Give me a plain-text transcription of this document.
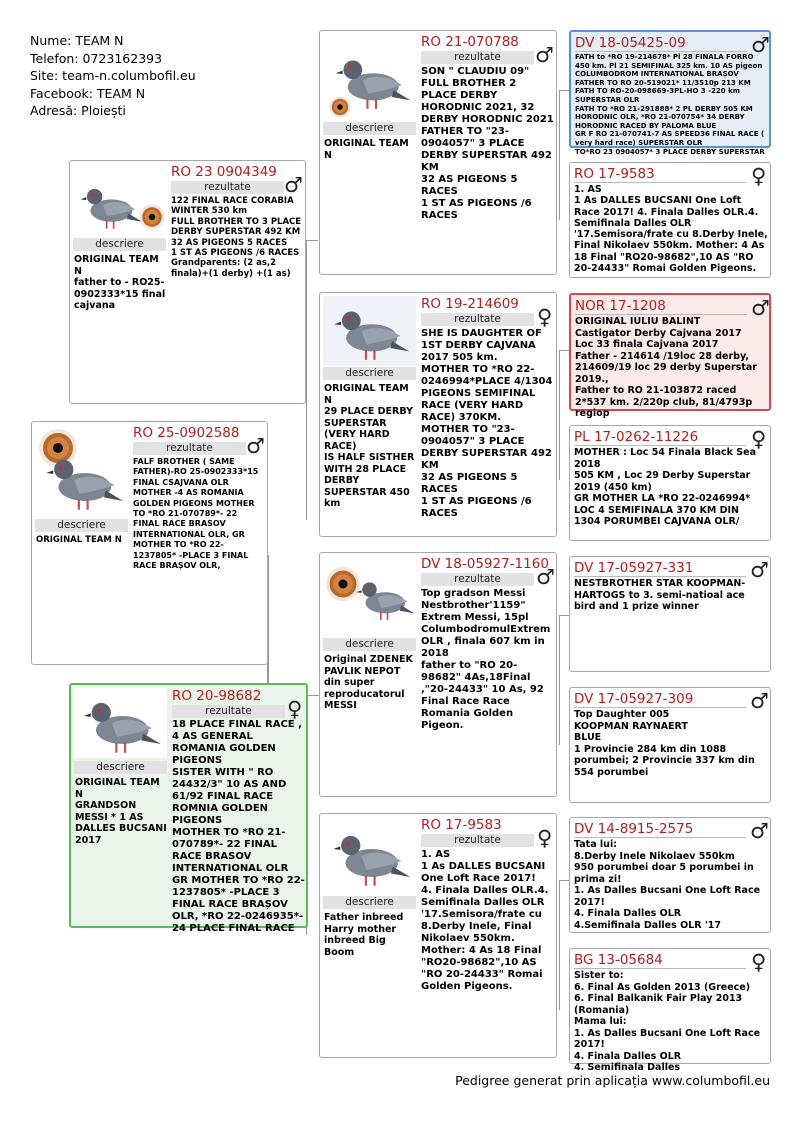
Nume: TEAM N
Telefon: 0723162393
Site: team-n.columbofil.eu
Facebook: TEAM N
Adresă: Ploiești
RO 20-98682
♀
rezultate
18 PLACE FINAL RACE , 4 AS GENERAL ROMANIA GOLDEN PIGEONS
SISTER WITH " RO 24432/3" 10 AS AND 61/92 FINAL RACE ROMNIA GOLDEN PIGEONS
MOTHER TO *RO 21-070789*- 22 FINAL RACE BRASOV INTERNATIONAL OLR GR MOTHER TO *RO 22-1237805* -PLACE 3 FINAL RACE BRAȘOV OLR, *RO 22-0246935*- 24 PLACE FINAL RACE
descriere
ORIGINAL TEAM N
GRANDSON MESSI * 1 AS DALLES BUCSANI 2017
RO 25-0902588
♂
rezultate
FALF BROTHER ( SAME FATHER)-RO 25-0902333*15 FINAL CSAJVANA OLR
MOTHER -4 AS ROMANIA GOLDEN PIGEONS MOTHER TO *RO 21-070789*- 22 FINAL RACE BRASOV INTERNATIONAL OLR, GR MOTHER TO *RO 22-1237805* -PLACE 3 FINAL RACE BRAȘOV OLR,
descriere
ORIGINAL TEAM N
RO 23 0904349
♂
rezultate
122 FINAL RACE CORABIA WINTER 530 km
FULL BROTHER TO 3 PLACE DERBY SUPERSTAR 492 KM
32 AS PIGEONS 5 RACES
1 ST AS PIGEONS /6 RACES
Grandparents: (2 as,2 finala)+(1 derby) +(1 as)
descriere
ORIGINAL TEAM N
father to - RO25-0902333*15 final cajvana
RO 21-070788
♂
rezultate
SON " CLAUDIU 09" FULL BROTHER 2 PLACE DERBY HORODNIC 2021, 32 DERBY HORODNIC 2021
FATHER TO "23-0904057" 3 PLACE DERBY SUPERSTAR 492 KM
32 AS PIGEONS 5 RACES
1 ST AS PIGEONS /6 RACES
descriere
ORIGINAL TEAM N
DV 18-05425-09	♂
FATH to *RO 19-214678* Pl 28 FINALA FORRO 450 km. Pl 21 SEMIFINAL 325 km. 10 AS pigeon COLUMBODROM INTERNATIONAL BRAȘOV
FATHER TO RO 20-519021* 11/3510p 213 KM
FATH TO RO-20-098669-3PL-HO 3 -220 km SUPERSTAR OLR
FATH TO *RO 21-291888* 2 PL DERBY 505 KM HORODNIC OLR, *RO 21-070754* 34 DERBY HORODNIC RACED BY PALOMA BLUE
GR F RO 21-070741-7 AS SPEED36 FINAL RACE ( very hard race) SUPERSTAR OLR
TO*RO 23 0904057* 3 PLACE DERBY SUPERSTAR
RO 17-9583	♀
1. AS
1 As DALLES BUCSANI One Loft Race 2017! 4. Finala Dalles OLR.4. Semifinala Dalles OLR '17.Semisora/frate cu 8.Derby Inele, Final Nikolaev 550km. Mother: 4 As 18 Final "RO20-98682",10 AS "RO 20-24433" Romai Golden Pigeons.
RO 19-214609
♀
rezultate
SHE IS DAUGHTER OF 1ST DERBY CAJVANA 2017 505 km.
MOTHER TO *RO 22-0246994*PLACE 4/1304 PIGEONS SEMIFINAL RACE (VERY HARD RACE) 370KM.
MOTHER TO "23-0904057" 3 PLACE DERBY SUPERSTAR 492 KM
32 AS PIGEONS 5 RACES
1 ST AS PIGEONS /6 RACES
descriere
ORIGINAL TEAM N
29 PLACE DERBY SUPERSTAR (VERY HARD RACE)
IS HALF SISTHER WITH 28 PLACE DERBY SUPERSTAR 450 km
NOR 17-1208	♂
ORIGINAL IULIU BALINT
Castigator Derby Cajvana 2017
Loc 33 finala Cajvana 2017
Father - 214614 /19loc 28 derby, 214609/19 loc 29 derby Superstar 2019.,
Father to RO 21-103872 raced 2*537 km. 2/220p club, 81/4793p regiop
PL 17-0262-11226	♀
MOTHER : Loc 54 Finala Black Sea 2018
505 KM , Loc 29 Derby Superstar 2019 (450 km)
GR MOTHER LA *RO 22-0246994* LOC 4 SEMIFINALA 370 KM DIN 1304 PORUMBEI CAJVANA OLR/
DV 18-05927-1160
♂
rezultate
Top gradson Messi Nestbrother'1159" Extrem Messi, 15pl ColumbodromulExtrem OLR , finala 607 km in 2018
father to "RO 20-98682" 4As,18Final ,"20-24433" 10 As, 92 Final Race Race Romania Golden Pigeon.
descriere
Original ZDENEK PAVLIK NEPOT din super reproducatorul MESSI
DV 17-05927-331	♂
NESTBROTHER STAR KOOPMAN-HARTOGS to 3. semi-natioal ace bird and 1 prize winner
DV 17-05927-309	♂
Top Daughter 005
KOOPMAN RAYNAERT
BLUE
1 Provincie 284 km din 1088 porumbei; 2 Provincie 337 km din 554 porumbei
RO 17-9583
♀
rezultate
1. AS
1 As DALLES BUCSANI One Loft Race 2017!
4. Finala Dalles OLR.4. Semifinala Dalles OLR '17.Semisora/frate cu 8.Derby Inele, Final Nikolaev 550km.
Mother: 4 As 18 Final "RO20-98682",10 AS "RO 20-24433" Romai Golden Pigeons.
descriere
Father inbreed Harry mother inbreed Big Boom
DV 14-8915-2575	♂
Tata lui:
8.Derby Inele Nikolaev 550km
950 porumbei doar 5 porumbei in prima zi!
1. As Dalles Bucsani One Loft Race 2017!
4. Finala Dalles OLR
4.Semifinala Dalles OLR '17
BG 13-05684	♀
Sister to:
6. Final As Golden 2013 (Greece)
6. Final Balkanik Fair Play 2013 (Romania)
Mama lui:
1. As Dalles Bucsani One Loft Race 2017!
4. Finala Dalles OLR
4. Semifinala Dalles
Pedigree generat prin aplicația www.columbofil.eu
